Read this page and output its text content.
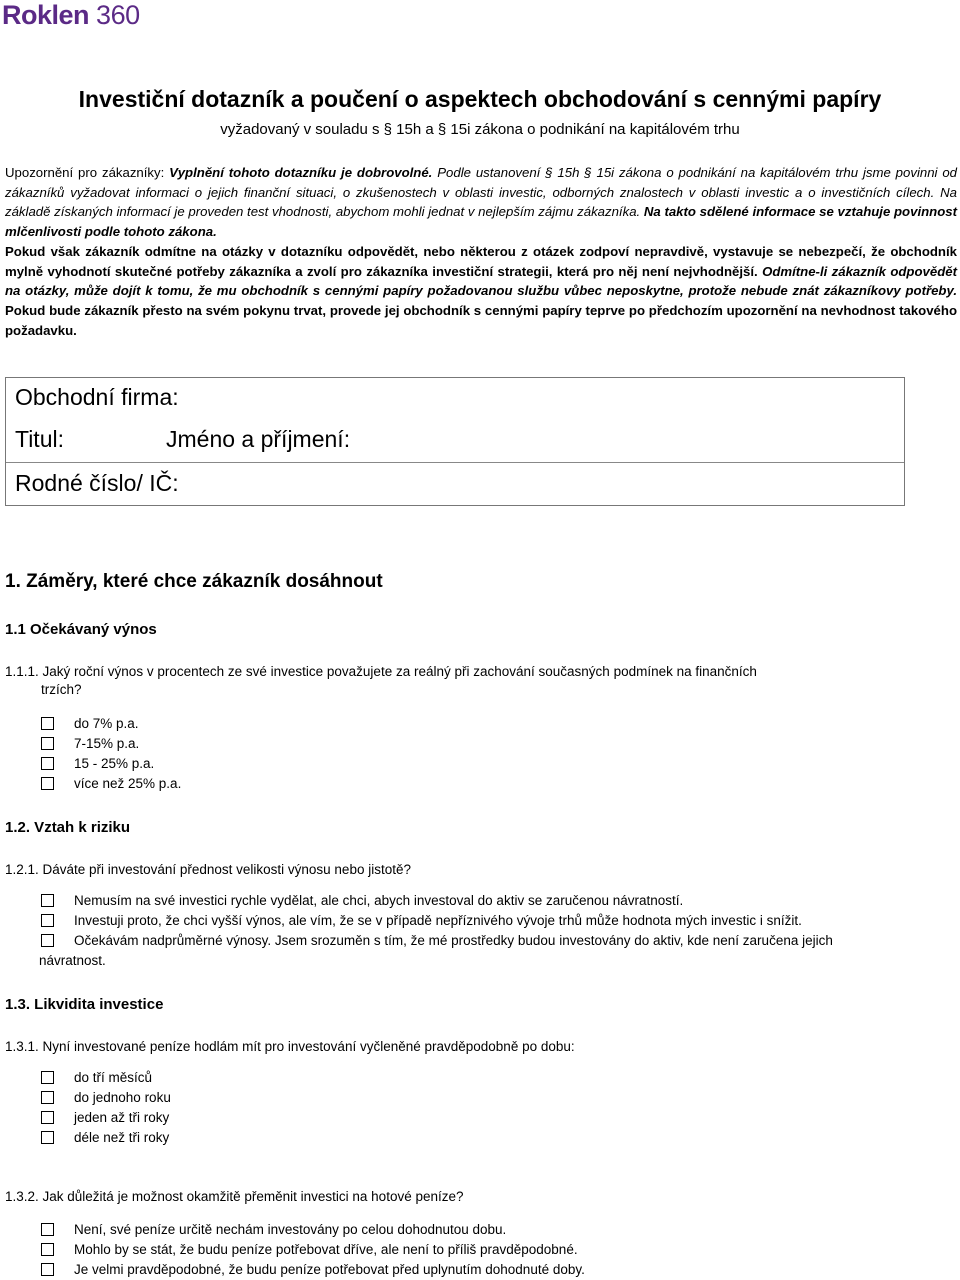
Roklen 360
Investiční dotazník a poučení o aspektech obchodování s cennými papíry
vyžadovaný v souladu s § 15h a § 15i zákona o podnikání na kapitálovém trhu
Upozornění pro zákazníky: Vyplnění tohoto dotazníku je dobrovolné. Podle ustanovení § 15h § 15i zákona o podnikání na kapitálovém trhu jsme povinni od zákazníků vyžadovat informaci o jejich finanční situaci, o zkušenostech v oblasti investic, odborných znalostech v oblasti investic a o investičních cílech. Na základě získaných informací je proveden test vhodnosti, abychom mohli jednat v nejlepším zájmu zákazníka. Na takto sdělené informace se vztahuje povinnost mlčenlivosti podle tohoto zákona.
Pokud však zákazník odmítne na otázky v dotazníku odpovědět, nebo některou z otázek zodpoví nepravdivě, vystavuje se nebezpečí, že obchodník mylně vyhodnotí skutečné potřeby zákazníka a zvolí pro zákazníka investiční strategii, která pro něj není nejvhodnější. Odmítne-li zákazník odpovědět na otázky, může dojít k tomu, že mu obchodník s cennými papíry požadovanou službu vůbec neposkytne, protože nebude znát zákazníkovy potřeby. Pokud bude zákazník přesto na svém pokynu trvat, provede jej obchodník s cennými papíry teprve po předchozím upozornění na nevhodnost takového požadavku.
Obchodní firma:
Titul:	Jméno a příjmení:
Rodné číslo/ IČ:
1. Záměry, které chce zákazník dosáhnout
1.1 Očekávaný výnos
1.1.1. Jaký roční výnos v procentech ze své investice považujete za reálný při zachování současných podmínek na finančních
trzích?
do 7% p.a.
7-15% p.a.
15 - 25% p.a.
více než 25% p.a.
1.2. Vztah k riziku
1.2.1. Dáváte při investování přednost velikosti výnosu nebo jistotě?
Nemusím na své investici rychle vydělat, ale chci, abych investoval do aktiv se zaručenou návratností.
Investuji proto, že chci vyšší výnos, ale vím, že se v případě nepříznivého vývoje trhů může hodnota mých investic i snížit.
Očekávám nadprůměrné výnosy. Jsem srozuměn s tím, že mé prostředky budou investovány do aktiv, kde není zaručena jejich
návratnost.
1.3. Likvidita investice
1.3.1. Nyní investované peníze hodlám mít pro investování vyčleněné pravděpodobně po dobu:
do tří měsíců
do jednoho roku
jeden až tři roky
déle než tři roky
1.3.2. Jak důležitá je možnost okamžitě přeměnit investici na hotové peníze?
Není, své peníze určitě nechám investovány po celou dohodnutou dobu.
Mohlo by se stát, že budu peníze potřebovat dříve, ale není to příliš pravděpodobné.
Je velmi pravděpodobné, že budu peníze potřebovat před uplynutím dohodnuté doby.
